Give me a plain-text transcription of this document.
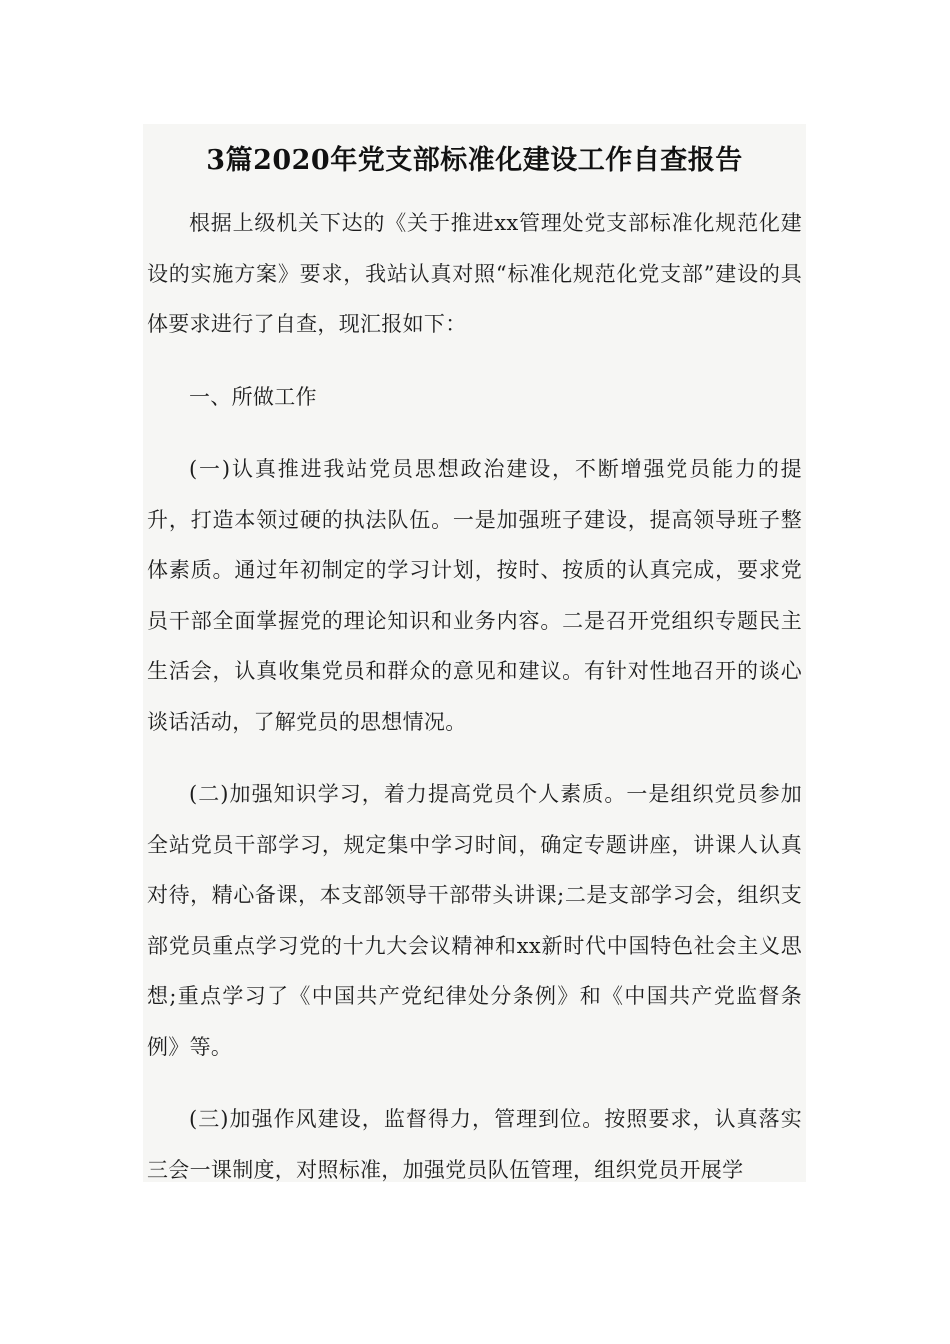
3篇2020年党支部标准化建设工作自查报告

根据上级机关下达的《关于推进xx管理处党支部标准化规范化建设的实施方案》要求，我站认真对照“标准化规范化党支部”建设的具体要求进行了自查，现汇报如下：

一、所做工作

(一)认真推进我站党员思想政治建设，不断增强党员能力的提升，打造本领过硬的执法队伍。一是加强班子建设，提高领导班子整体素质。通过年初制定的学习计划，按时、按质的认真完成，要求党员干部全面掌握党的理论知识和业务内容。二是召开党组织专题民主生活会，认真收集党员和群众的意见和建议。有针对性地召开的谈心谈话活动，了解党员的思想情况。

(二)加强知识学习，着力提高党员个人素质。一是组织党员参加全站党员干部学习，规定集中学习时间，确定专题讲座，讲课人认真对待，精心备课，本支部领导干部带头讲课;二是支部学习会，组织支部党员重点学习党的十九大会议精神和xx新时代中国特色社会主义思想;重点学习了《中国共产党纪律处分条例》和《中国共产党监督条例》等。

(三)加强作风建设，监督得力，管理到位。按照要求，认真落实三会一课制度，对照标准，加强党员队伍管理，组织党员开展学
